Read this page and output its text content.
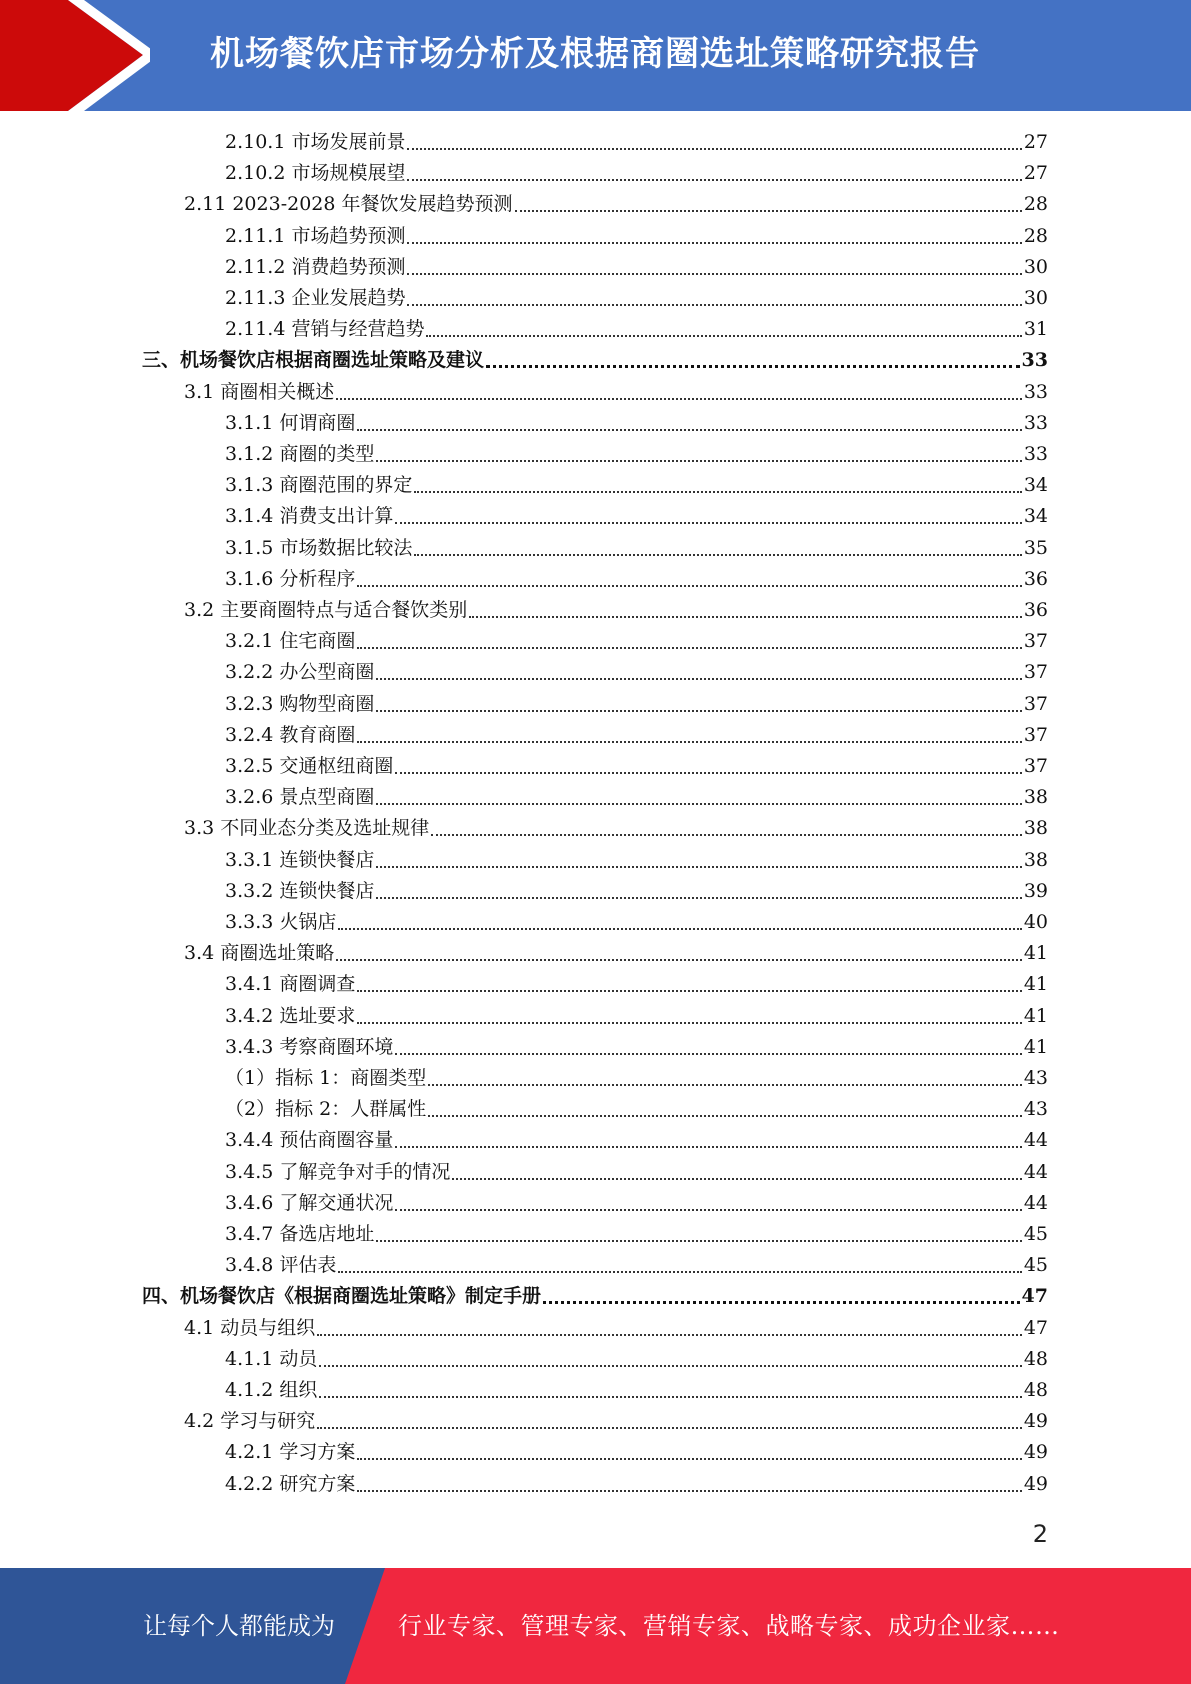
机场餐饮店市场分析及根据商圈选址策略研究报告
2.10.1 市场发展前景	27
2.10.2 市场规模展望	27
2.11 2023-2028 年餐饮发展趋势预测	28
2.11.1 市场趋势预测	28
2.11.2 消费趋势预测	30
2.11.3 企业发展趋势	30
2.11.4 营销与经营趋势	31
三、机场餐饮店根据商圈选址策略及建议	33
3.1 商圈相关概述	33
3.1.1 何谓商圈	33
3.1.2 商圈的类型	33
3.1.3 商圈范围的界定	34
3.1.4 消费支出计算	34
3.1.5 市场数据比较法	35
3.1.6 分析程序	36
3.2 主要商圈特点与适合餐饮类别	36
3.2.1 住宅商圈	37
3.2.2 办公型商圈	37
3.2.3 购物型商圈	37
3.2.4 教育商圈	37
3.2.5 交通枢纽商圈	37
3.2.6 景点型商圈	38
3.3 不同业态分类及选址规律	38
3.3.1 连锁快餐店	38
3.3.2 连锁快餐店	39
3.3.3 火锅店	40
3.4 商圈选址策略	41
3.4.1 商圈调查	41
3.4.2 选址要求	41
3.4.3 考察商圈环境	41
（1）指标 1：商圈类型	43
（2）指标 2：人群属性	43
3.4.4 预估商圈容量	44
3.4.5 了解竞争对手的情况	44
3.4.6 了解交通状况	44
3.4.7 备选店地址	45
3.4.8 评估表	45
四、机场餐饮店《根据商圈选址策略》制定手册	47
4.1 动员与组织	47
4.1.1 动员	48
4.1.2 组织	48
4.2 学习与研究	49
4.2.1 学习方案	49
4.2.2 研究方案	49
2
让每个人都能成为	行业专家、管理专家、营销专家、战略专家、成功企业家……
